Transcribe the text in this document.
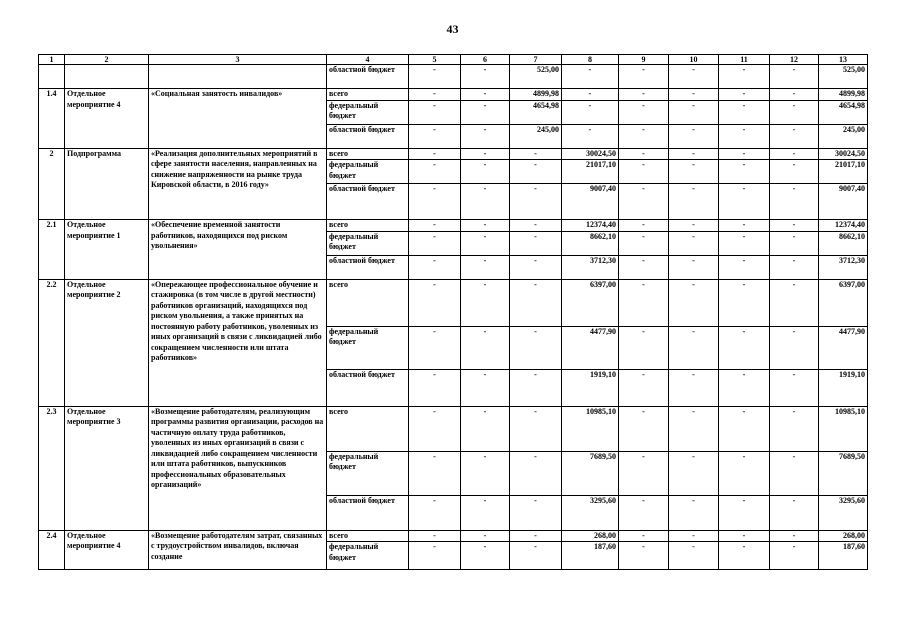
43
1	2	3	4	5	6	7	8	9	10	11	12	13
			областной бюджет	-	-	525,00	-	-	-	-	-	525,00
1.4	Отдельное мероприятие 4	«Социальная занятость инвалидов»	всего	-	-	4899,98	-	-	-	-	-	4899,98
			федеральный бюджет	-	-	4654,98	-	-	-	-	-	4654,98
			областной бюджет	-	-	245,00	-	-	-	-	-	245,00
2	Подпрограмма	«Реализация дополнительных мероприятий в сфере занятости населения, направленных на снижение напряженности на рынке труда Кировской области, в 2016 году»	всего	-	-	-	30024,50	-	-	-	-	30024,50
			федеральный бюджет	-	-	-	21017,10	-	-	-	-	21017,10
			областной бюджет	-	-	-	9007,40	-	-	-	-	9007,40
2.1	Отдельное мероприятие 1	«Обеспечение временной занятости работников, находящихся под риском увольнения»	всего	-	-	-	12374,40	-	-	-	-	12374,40
			федеральный бюджет	-	-	-	8662,10	-	-	-	-	8662,10
			областной бюджет	-	-	-	3712,30	-	-	-	-	3712,30
2.2	Отдельное мероприятие 2	«Опережающее профессиональное обучение и стажировка (в том числе в другой местности) работников организаций, находящихся под риском увольнения, а также принятых на постоянную работу работников, уволенных из иных организаций в связи с ликвидацией либо сокращением численности или штата работников»	всего	-	-	-	6397,00	-	-	-	-	6397,00
			федеральный бюджет	-	-	-	4477,90	-	-	-	-	4477,90
			областной бюджет	-	-	-	1919,10	-	-	-	-	1919,10
2.3	Отдельное мероприятие 3	«Возмещение работодателям, реализующим программы развития организации, расходов на частичную оплату труда работников, уволенных из иных организаций в связи с ликвидацией либо сокращением численности или штата работников, выпускников профессиональных образовательных организаций»	всего	-	-	-	10985,10	-	-	-	-	10985,10
			федеральный бюджет	-	-	-	7689,50	-	-	-	-	7689,50
			областной бюджет	-	-	-	3295,60	-	-	-	-	3295,60
2.4	Отдельное мероприятие 4	«Возмещение работодателям затрат, связанных с трудоустройством инвалидов, включая создание	всего	-	-	-	268,00	-	-	-	-	268,00
			федеральный бюджет	-	-	-	187,60	-	-	-	-	187,60
